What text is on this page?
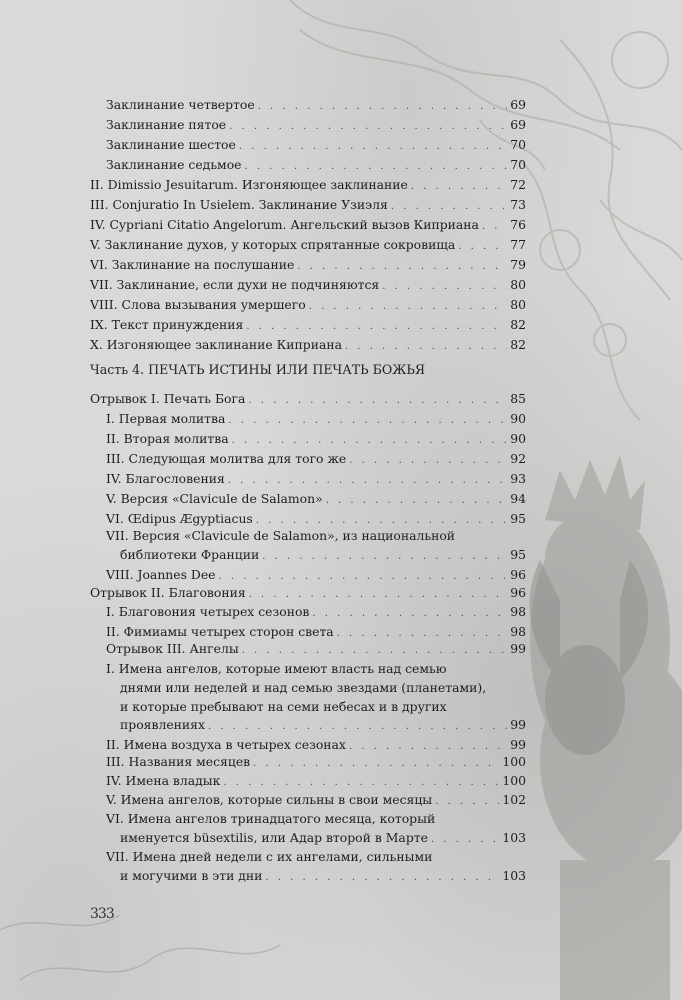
Заклинание четвертое . . .	69
Заклинание пятое . . .	69
Заклинание шестое . . .	70
Заклинание седьмое . . .	70
II. Dimissio Jesuitarum. Изгоняющее заклинание . . .	72
III. Conjuratio In Usielem. Заклинание Узиэля . . .	73
IV. Cypriani Citatio Angelorum. Ангельский вызов Киприана . . .	76
V. Заклинание духов, у которых спрятанные сокровища . . .	77
VI. Заклинание на послушание . . .	79
VII. Заклинание, если духи не подчиняются . . .	80
VIII. Слова вызывания умершего . . .	80
IX. Текст принуждения . . .	82
X. Изгоняющее заклинание Киприана . . .	82
Часть 4. ПЕЧАТЬ ИСТИНЫ ИЛИ ПЕЧАТЬ БОЖЬЯ
Отрывок I. Печать Бога . . .	85
I. Первая молитва . . .	90
II. Вторая молитва . . .	90
III. Следующая молитва для того же . . .	92
IV. Благословения . . .	93
V. Версия «Clavicule de Salamon» . . .	94
VI. Œdipus Ægyptiacus . . .	95
VII. Версия «Clavicule de Salamon», из национальной
библиотеки Франции . . .	95
VIII. Joannes Dee . . .	96
Отрывок II. Благовония . . .	96
I. Благовония четырех сезонов . . .	98
II. Фимиамы четырех сторон света . . .	98
Отрывок III. Ангелы . . .	99
I. Имена ангелов, которые имеют власть над семью
днями или неделей и над семью звездами (планетами),
и которые пребывают на семи небесах и в других
проявлениях . . .	99
II. Имена воздуха в четырех сезонах . . .	99
III. Названия месяцев . . .	100
IV. Имена владык . . .	100
V. Имена ангелов, которые сильны в свои месяцы . . .	102
VI. Имена ангелов тринадцатого месяца, который
именуется büsextilis, или Адар второй в Марте . . .	103
VII. Имена дней недели с их ангелами, сильными
и могучими в эти дни . . .	103
333
